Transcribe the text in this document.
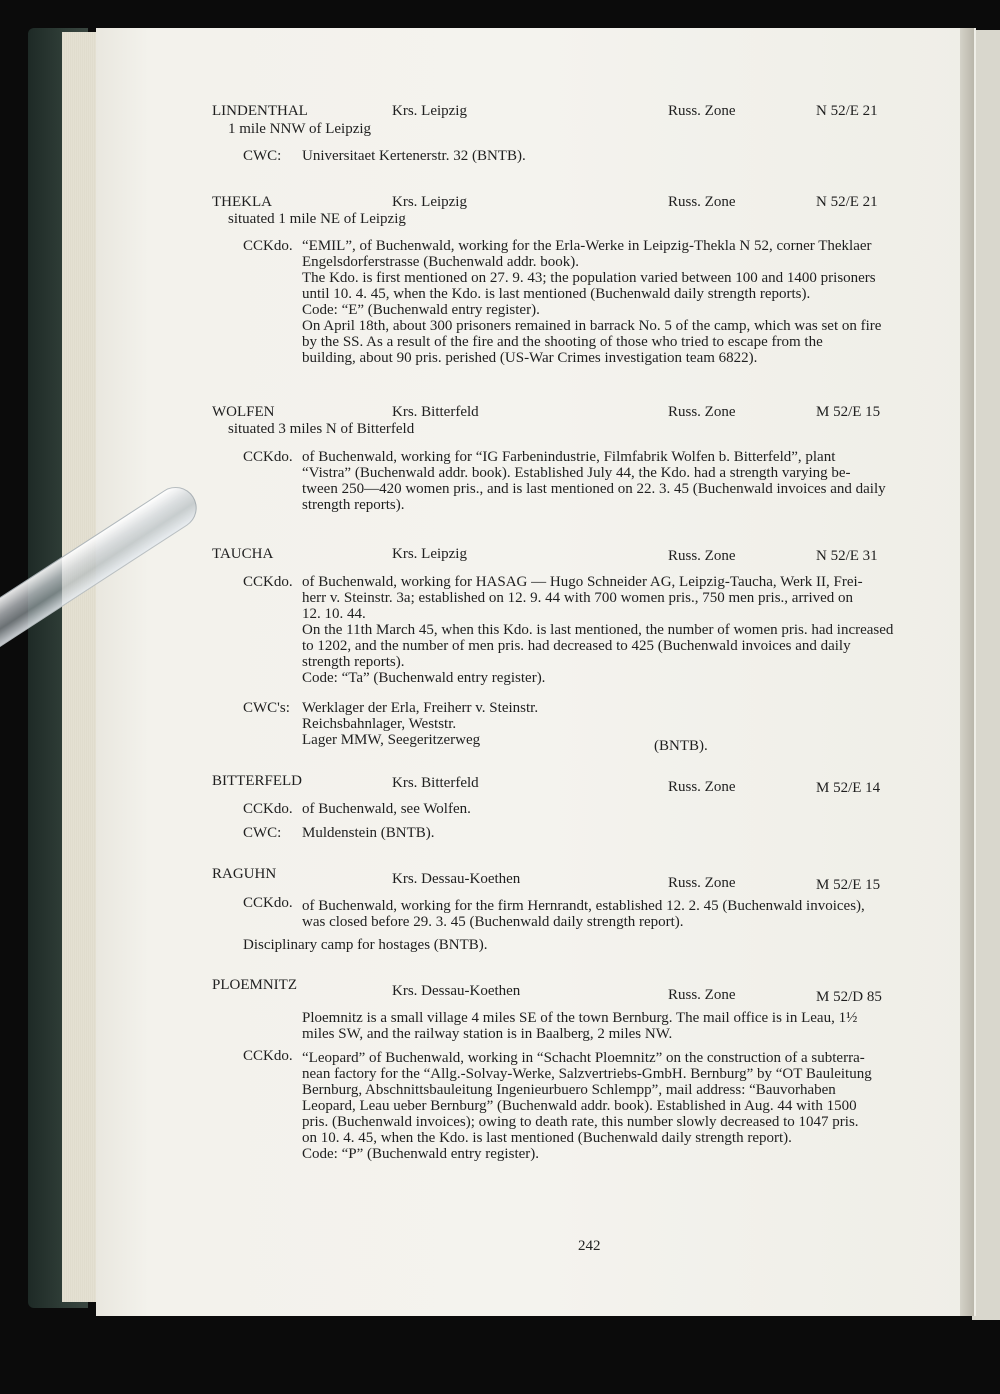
LINDENTHAL	Krs. Leipzig	Russ. Zone	N 52/E 21
1 mile NNW of Leipzig
CWC: Universitaet Kertenerstr. 32 (BNTB).
THEKLA	Krs. Leipzig	Russ. Zone	N 52/E 21
situated 1 mile NE of Leipzig
CCKdo. “EMIL”, of Buchenwald, working for the Erla-Werke in Leipzig-Thekla N 52, corner Theklaer
Engelsdorferstrasse (Buchenwald addr. book).
The Kdo. is first mentioned on 27. 9. 43; the population varied between 100 and 1400 prisoners
until 10. 4. 45, when the Kdo. is last mentioned (Buchenwald daily strength reports).
Code: “E” (Buchenwald entry register).
On April 18th, about 300 prisoners remained in barrack No. 5 of the camp, which was set on fire
by the SS. As a result of the fire and the shooting of those who tried to escape from the
building, about 90 pris. perished (US-War Crimes investigation team 6822).
WOLFEN	Krs. Bitterfeld	Russ. Zone	M 52/E 15
situated 3 miles N of Bitterfeld
CCKdo. of Buchenwald, working for “IG Farbenindustrie, Filmfabrik Wolfen b. Bitterfeld”, plant
“Vistra” (Buchenwald addr. book). Established July 44, the Kdo. had a strength varying be-
tween 250—420 women pris., and is last mentioned on 22. 3. 45 (Buchenwald invoices and daily
strength reports).
TAUCHA	Krs. Leipzig	Russ. Zone	N 52/E 31
CCKdo. of Buchenwald, working for HASAG — Hugo Schneider AG, Leipzig-Taucha, Werk II, Frei-
herr v. Steinstr. 3a; established on 12. 9. 44 with 700 women pris., 750 men pris., arrived on
12. 10. 44.
On the 11th March 45, when this Kdo. is last mentioned, the number of women pris. had increased
to 1202, and the number of men pris. had decreased to 425 (Buchenwald invoices and daily
strength reports).
Code: “Ta” (Buchenwald entry register).
CWC's: Werklager der Erla, Freiherr v. Steinstr.
Reichsbahnlager, Weststr.
Lager MMW, Seegeritzerweg	(BNTB).
BITTERFELD	Krs. Bitterfeld	Russ. Zone	M 52/E 14
CCKdo. of Buchenwald, see Wolfen.
CWC: Muldenstein (BNTB).
RAGUHN	Krs. Dessau-Koethen	Russ. Zone	M 52/E 15
CCKdo. of Buchenwald, working for the firm Hernrandt, established 12. 2. 45 (Buchenwald invoices),
was closed before 29. 3. 45 (Buchenwald daily strength report).
Disciplinary camp for hostages (BNTB).
PLOEMNITZ	Krs. Dessau-Koethen	Russ. Zone	M 52/D 85
Ploemnitz is a small village 4 miles SE of the town Bernburg. The mail office is in Leau, 1½
miles SW, and the railway station is in Baalberg, 2 miles NW.
CCKdo. “Leopard” of Buchenwald, working in “Schacht Ploemnitz” on the construction of a subterra-
nean factory for the “Allg.-Solvay-Werke, Salzvertriebs-GmbH. Bernburg” by “OT Bauleitung
Bernburg, Abschnittsbauleitung Ingenieurbuero Schlempp”, mail address: “Bauvorhaben
Leopard, Leau ueber Bernburg” (Buchenwald addr. book). Established in Aug. 44 with 1500
pris. (Buchenwald invoices); owing to death rate, this number slowly decreased to 1047 pris.
on 10. 4. 45, when the Kdo. is last mentioned (Buchenwald daily strength report).
Code: “P” (Buchenwald entry register).
242
